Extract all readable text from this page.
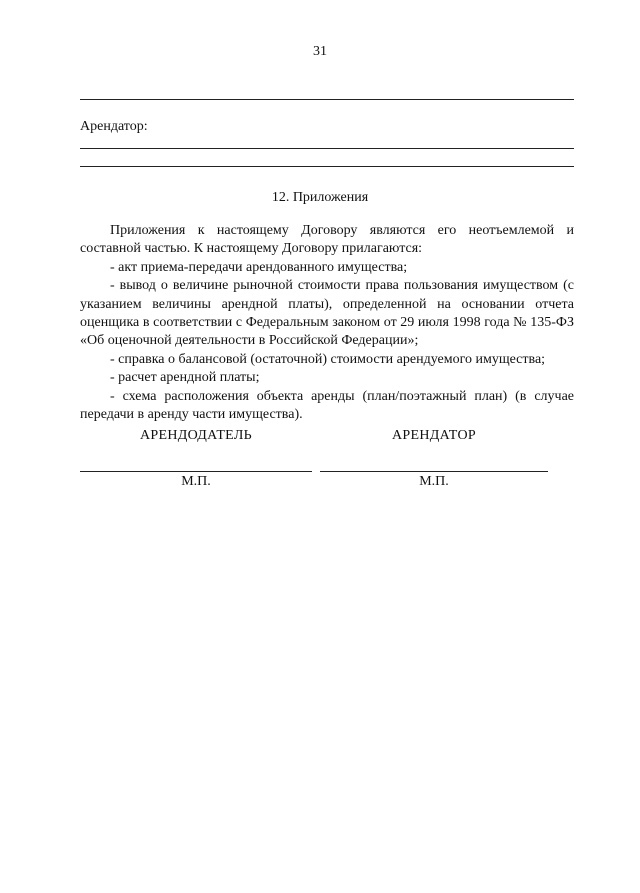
31
Арендатор:
12. Приложения

Приложения к настоящему Договору являются его неотъемлемой и составной частью. К настоящему Договору прилагаются:

- акт приема-передачи арендованного имущества;

- вывод о величине рыночной стоимости права пользования имуществом (с указанием величины арендной платы), определенной на основании отчета оценщика в соответствии с Федеральным законом от 29 июля 1998 года № 135-ФЗ «Об оценочной деятельности в Российской Федерации»;

- справка о балансовой (остаточной) стоимости арендуемого имущества;

- расчет арендной платы;

- схема расположения объекта аренды (план/поэтажный план) (в случае передачи в аренду части имущества).

АРЕНДОДАТЕЛЬ	АРЕНДАТОР
М.П.	М.П.
